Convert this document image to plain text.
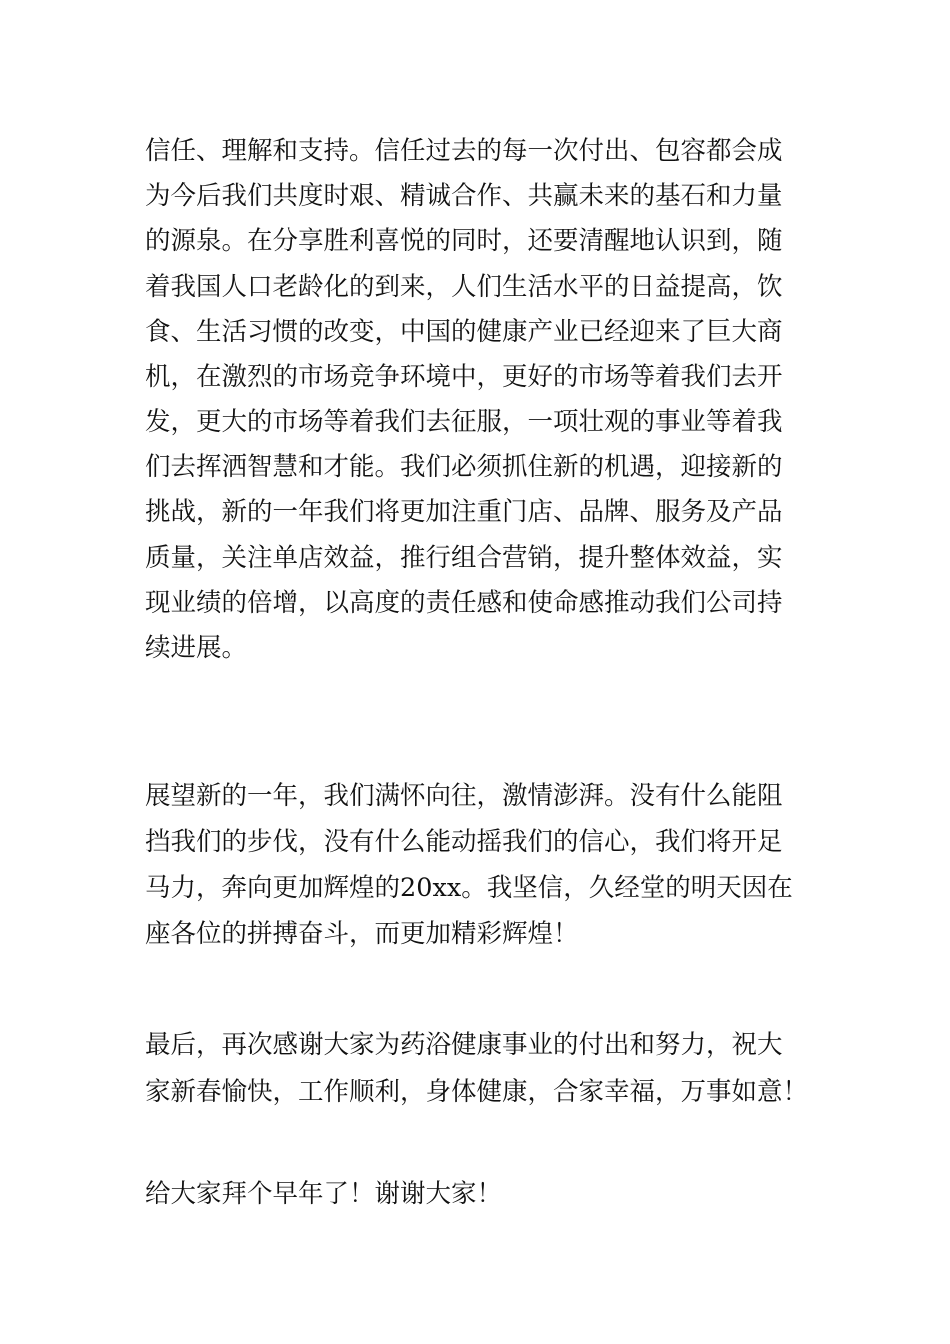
信任、理解和支持。信任过去的每一次付出、包容都会成
为今后我们共度时艰、精诚合作、共赢未来的基石和力量
的源泉。在分享胜利喜悦的同时，还要清醒地认识到，随
着我国人口老龄化的到来，人们生活水平的日益提高，饮
食、生活习惯的改变，中国的健康产业已经迎来了巨大商
机，在激烈的市场竞争环境中，更好的市场等着我们去开
发，更大的市场等着我们去征服，一项壮观的事业等着我
们去挥洒智慧和才能。我们必须抓住新的机遇，迎接新的
挑战，新的一年我们将更加注重门店、品牌、服务及产品
质量，关注单店效益，推行组合营销，提升整体效益，实
现业绩的倍增，以高度的责任感和使命感推动我们公司持
续进展。
展望新的一年，我们满怀向往，激情澎湃。没有什么能阻
挡我们的步伐，没有什么能动摇我们的信心，我们将开足
马力，奔向更加辉煌的20xx。我坚信，久经堂的明天因在
座各位的拼搏奋斗，而更加精彩辉煌！
最后，再次感谢大家为药浴健康事业的付出和努力，祝大
家新春愉快，工作顺利，身体健康，合家幸福，万事如意！
给大家拜个早年了！谢谢大家！
